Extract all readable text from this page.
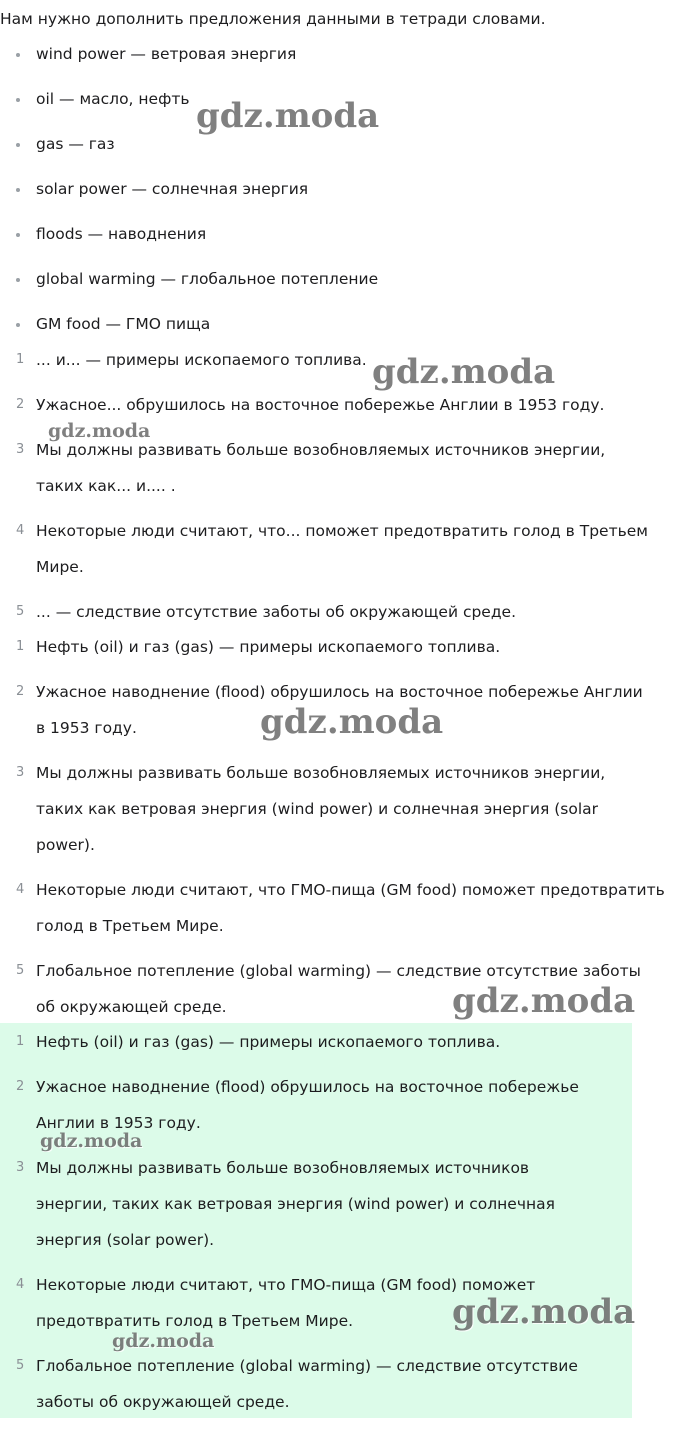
Нам нужно дополнить предложения данными в тетради словами.

wind power — ветровая энергия
oil — масло, нефть
gas — газ
solar power — солнечная энергия
floods — наводнения
global warming — глобальное потепление
GM food — ГМО пища
1 ... и... — примеры ископаемого топлива.
2 Ужасное... обрушилось на восточное побережье Англии в 1953 году.
3 Мы должны развивать больше возобновляемых источников энергии,
таких как... и.... .
4 Некоторые люди считают, что... поможет предотвратить голод в Третьем
Мире.
5 ... — следствие отсутствие заботы об окружающей среде.
1 Нефть (oil) и газ (gas) — примеры ископаемого топлива.
2 Ужасное наводнение (flood) обрушилось на восточное побережье Англии
в 1953 году.
3 Мы должны развивать больше возобновляемых источников энергии,
таких как ветровая энергия (wind power) и солнечная энергия (solar
power).
4 Некоторые люди считают, что ГМО-пища (GM food) поможет предотвратить
голод в Третьем Мире.
5 Глобальное потепление (global warming) — следствие отсутствие заботы
об окружающей среде.
1 Нефть (oil) и газ (gas) — примеры ископаемого топлива.
2 Ужасное наводнение (flood) обрушилось на восточное побережье
Англии в 1953 году.
3 Мы должны развивать больше возобновляемых источников
энергии, таких как ветровая энергия (wind power) и солнечная
энергия (solar power).
4 Некоторые люди считают, что ГМО-пища (GM food) поможет
предотвратить голод в Третьем Мире.
5 Глобальное потепление (global warming) — следствие отсутствие
заботы об окружающей среде.
gdz.moda
gdz.moda
gdz.moda
gdz.moda
gdz.moda
gdz.moda
gdz.moda
gdz.moda
